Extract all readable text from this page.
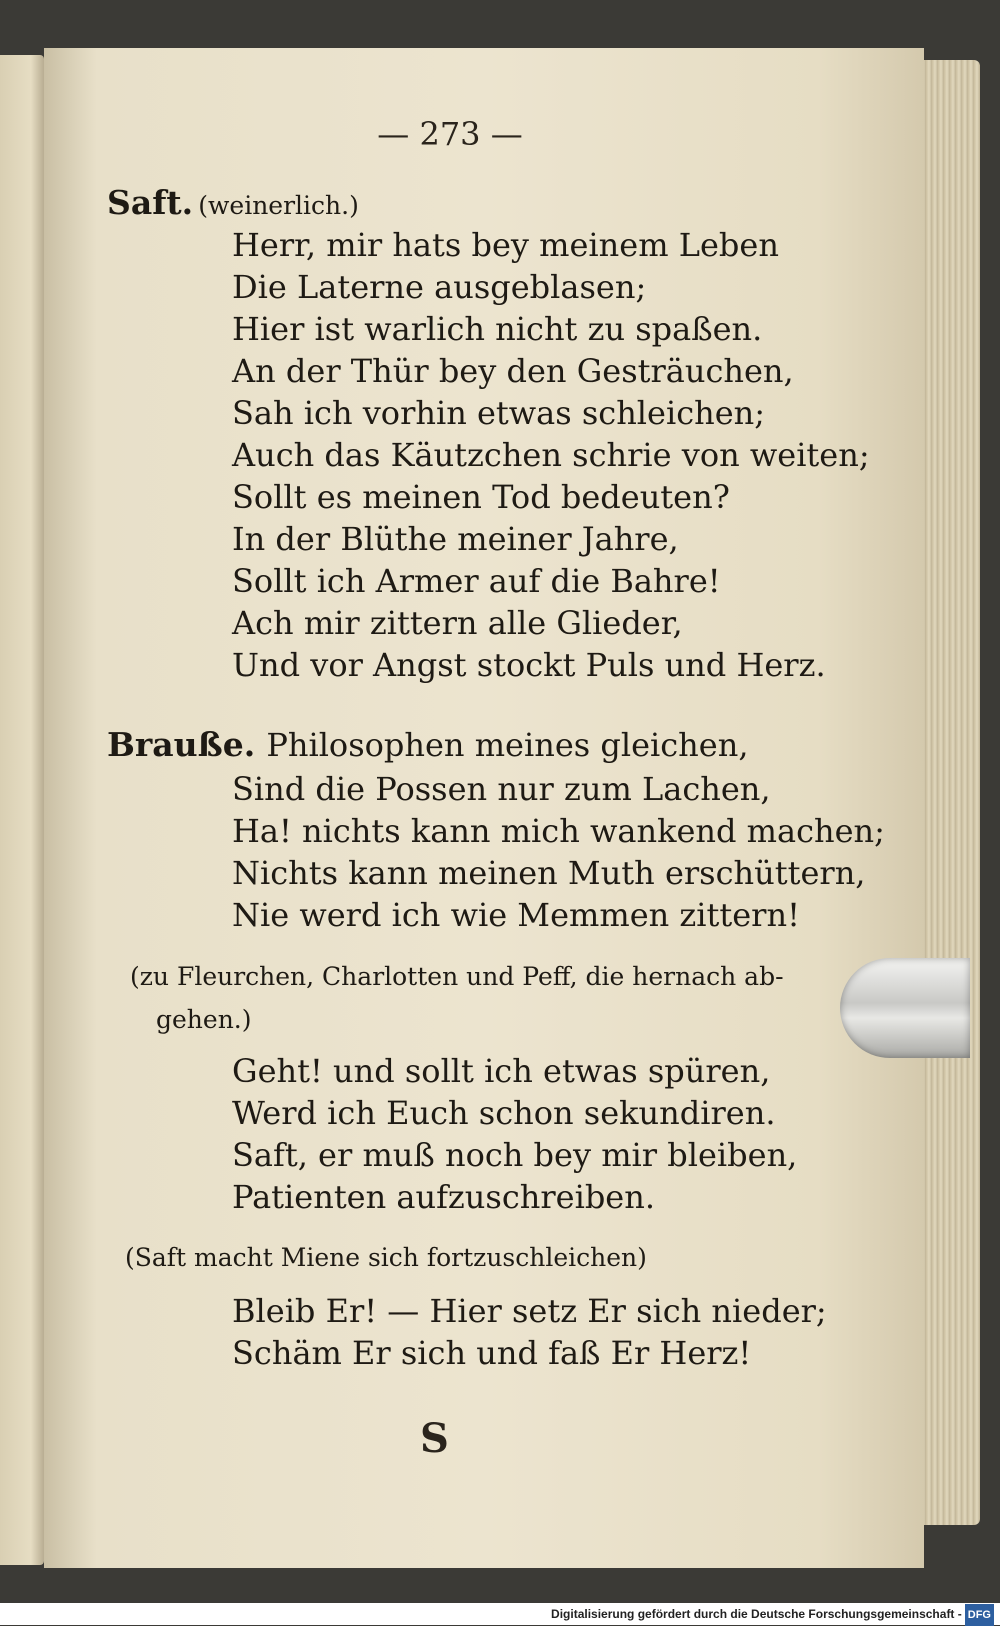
— 273 —
Saft. (weinerlich.)
Herr, mir hats bey meinem Leben
Die Laterne ausgeblasen;
Hier ist warlich nicht zu spaßen.
An der Thür bey den Gesträuchen,
Sah ich vorhin etwas schleichen;
Auch das Käutzchen schrie von weiten;
Sollt es meinen Tod bedeuten?
In der Blüthe meiner Jahre,
Sollt ich Armer auf die Bahre!
Ach mir zittern alle Glieder,
Und vor Angst stockt Puls und Herz.
Brauße. Philosophen meines gleichen,
Sind die Possen nur zum Lachen,
Ha! nichts kann mich wankend machen;
Nichts kann meinen Muth erschüttern,
Nie werd ich wie Memmen zittern!
(zu Fleurchen, Charlotten und Peff, die hernach ab-
gehen.)
Geht! und sollt ich etwas spüren,
Werd ich Euch schon sekundiren.
Saft, er muß noch bey mir bleiben,
Patienten aufzuschreiben.
(Saft macht Miene sich fortzuschleichen)
Bleib Er! — Hier setz Er sich nieder;
Schäm Er sich und faß Er Herz!
S
Digitalisierung gefördert durch die Deutsche Forschungsgemeinschaft - DFG
